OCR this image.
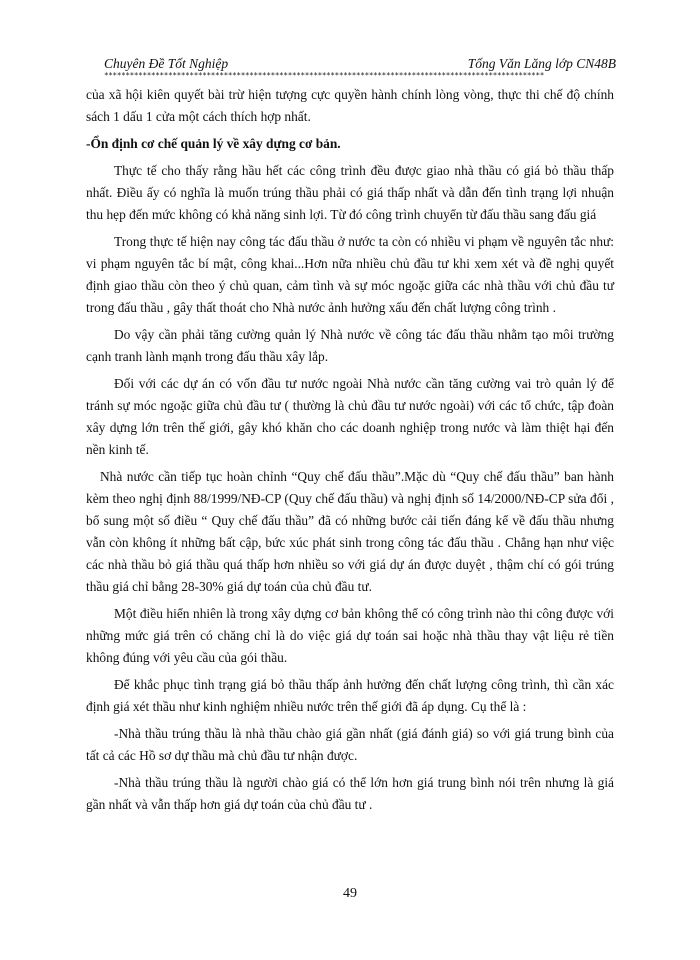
Chuyên Đề Tốt Nghiệp	Tống Văn Lăng lớp CN48B
*******************************************************************************************************

của xã hội kiên quyết bài trừ hiện tượng cực quyền hành chính lòng vòng, thực thi chế độ chính sách 1 dấu 1 cửa một cách thích hợp nhất.

-Ổn định cơ chế quản lý về xây dựng cơ bản.

Thực tế cho thấy rằng hầu hết các công trình đều được giao nhà thầu có giá bỏ thầu thấp nhất. Điều ấy có nghĩa là muốn trúng thầu phải có giá thấp nhất và dẫn đến tình trạng lợi nhuận thu hẹp đến mức không có khả năng sinh lợi. Từ đó công trình chuyển từ đấu thầu sang đấu giá

Trong thực tế hiện nay công tác đấu thầu ở nước ta còn có nhiều vi phạm về nguyên tắc như: vi phạm nguyên tắc bí mật, công khai...Hơn nữa nhiều chủ đầu tư khi xem xét và đề nghị quyết định giao thầu còn theo ý chủ quan, cảm tình và sự móc ngoặc giữa các nhà thầu với chủ đầu tư trong đấu thầu , gây thất thoát cho Nhà nước ảnh hưởng xấu đến chất lượng công trình .

Do vậy cần phải tăng cường quản lý Nhà nước về công tác đấu thầu nhằm tạo môi trường cạnh tranh lành mạnh trong đấu thầu xây lắp.

Đối với các dự án có vốn đầu tư nước ngoài Nhà nước cần tăng cường vai trò quản lý để tránh sự móc ngoặc giữa chủ đầu tư ( thường là chủ đầu tư nước ngoài) với các tổ chức, tập đoàn xây dựng lớn trên thế giới, gây khó khăn cho các doanh nghiệp trong nước và làm thiệt hại đến nền kinh tế.

Nhà nước cần tiếp tục hoàn chỉnh “Quy chế đấu thầu”.Mặc dù “Quy chế đấu thầu” ban hành kèm theo nghị định 88/1999/NĐ-CP (Quy chế đấu thầu) và nghị định số 14/2000/NĐ-CP sửa đổi , bổ sung một số điều “ Quy chế đấu thầu” đã có những bước cải tiến đáng kể về đấu thầu nhưng vẫn còn không ít những bất cập, bức xúc phát sinh trong công tác đấu thầu . Chẳng hạn như việc các nhà thầu bỏ giá thầu quá thấp hơn nhiều so với giá dự án được duyệt , thậm chí có gói trúng thầu giá chỉ bằng 28-30% giá dự toán của chủ đầu tư.

Một điều hiển nhiên là trong xây dựng cơ bản không thể có công trình nào thi công được với những mức giá trên có chăng chỉ là do việc giá dự toán sai hoặc nhà thầu thay vật liệu rẻ tiền không đúng với yêu cầu của gói thầu.

Để khắc phục tình trạng giá bỏ thầu thấp ảnh hưởng đến chất lượng công trình, thì cần xác định giá xét thầu như kinh nghiệm nhiều nước trên thế giới đã áp dụng. Cụ thể là :

-Nhà thầu trúng thầu là nhà thầu chào giá gần nhất (giá đánh giá) so với giá trung bình của tất cả các Hồ sơ dự thầu mà chủ đầu tư nhận được.

-Nhà thầu trúng thầu là người chào giá có thể lớn hơn giá trung bình nói trên nhưng là giá gần nhất và vẫn thấp hơn giá dự toán của chủ đầu tư .

49
